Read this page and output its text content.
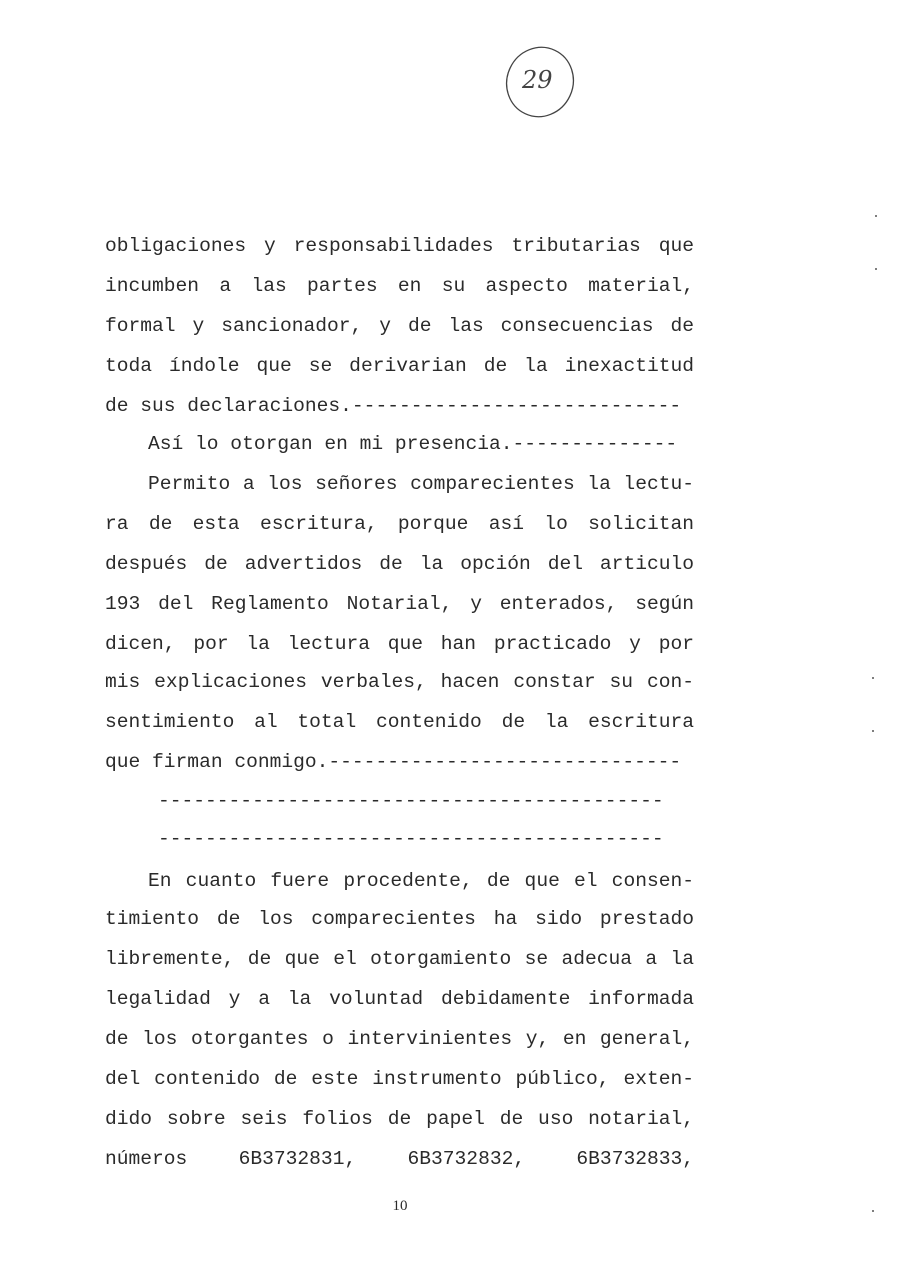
29
obligaciones y responsabilidades tributarias que
incumben a las partes en su aspecto material,
formal y sancionador, y de las consecuencias de
toda índole que se derivarian de la inexactitud
de sus declaraciones.----------------------------
Así lo otorgan en mi presencia.--------------
Permito a los señores comparecientes la lectu-
ra de esta escritura, porque así lo solicitan
después de advertidos de la opción del articulo
193 del Reglamento Notarial, y enterados, según
dicen, por la lectura que han practicado y por
mis explicaciones verbales, hacen constar su con-
sentimiento al total contenido de la escritura
que firman conmigo.------------------------------
-------------------------------------------
-------------------------------------------
En cuanto fuere procedente, de que el consen-
timiento de los comparecientes ha sido prestado
libremente, de que el otorgamiento se adecua a la
legalidad y a la voluntad debidamente informada
de los otorgantes o intervinientes y, en general,
del contenido de este instrumento público, exten-
dido sobre seis folios de papel de uso notarial,
números 6B3732831, 6B3732832, 6B3732833,
10
